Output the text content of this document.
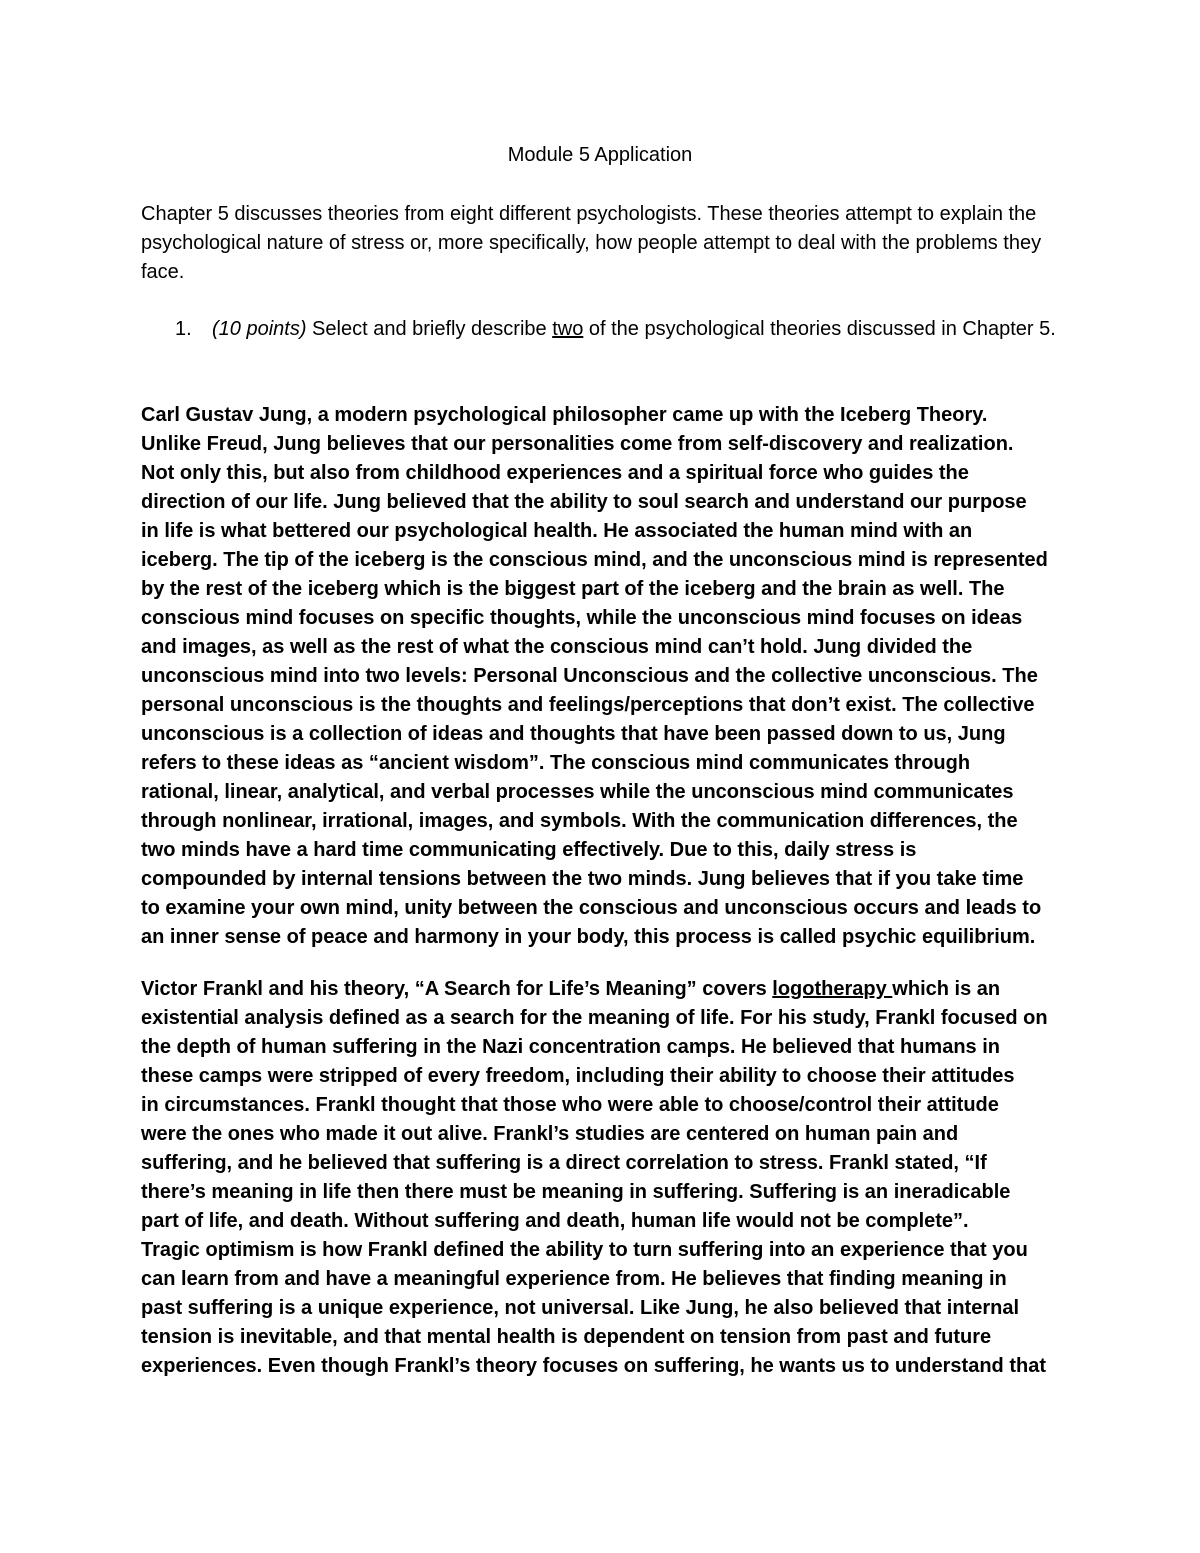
Module 5 Application

Chapter 5 discusses theories from eight different psychologists. These theories attempt to explain the psychological nature of stress or, more specifically, how people attempt to deal with the problems they face.

1. (10 points) Select and briefly describe two of the psychological theories discussed in Chapter 5.
Carl Gustav Jung, a modern psychological philosopher came up with the Iceberg Theory.
Unlike Freud, Jung believes that our personalities come from self-discovery and realization.
Not only this, but also from childhood experiences and a spiritual force who guides the
direction of our life. Jung believed that the ability to soul search and understand our purpose
in life is what bettered our psychological health. He associated the human mind with an
iceberg. The tip of the iceberg is the conscious mind, and the unconscious mind is represented
by the rest of the iceberg which is the biggest part of the iceberg and the brain as well. The
conscious mind focuses on specific thoughts, while the unconscious mind focuses on ideas
and images, as well as the rest of what the conscious mind can’t hold. Jung divided the
unconscious mind into two levels: Personal Unconscious and the collective unconscious. The
personal unconscious is the thoughts and feelings/perceptions that don’t exist. The collective
unconscious is a collection of ideas and thoughts that have been passed down to us, Jung
refers to these ideas as “ancient wisdom”. The conscious mind communicates through
rational, linear, analytical, and verbal processes while the unconscious mind communicates
through nonlinear, irrational, images, and symbols. With the communication differences, the
two minds have a hard time communicating effectively. Due to this, daily stress is
compounded by internal tensions between the two minds. Jung believes that if you take time
to examine your own mind, unity between the conscious and unconscious occurs and leads to
an inner sense of peace and harmony in your body, this process is called psychic equilibrium.
Victor Frankl and his theory, “A Search for Life’s Meaning” covers logotherapy which is an
existential analysis defined as a search for the meaning of life. For his study, Frankl focused on
the depth of human suffering in the Nazi concentration camps. He believed that humans in
these camps were stripped of every freedom, including their ability to choose their attitudes
in circumstances. Frankl thought that those who were able to choose/control their attitude
were the ones who made it out alive. Frankl’s studies are centered on human pain and
suffering, and he believed that suffering is a direct correlation to stress. Frankl stated, “If
there’s meaning in life then there must be meaning in suffering. Suffering is an ineradicable
part of life, and death. Without suffering and death, human life would not be complete”.
Tragic optimism is how Frankl defined the ability to turn suffering into an experience that you
can learn from and have a meaningful experience from. He believes that finding meaning in
past suffering is a unique experience, not universal. Like Jung, he also believed that internal
tension is inevitable, and that mental health is dependent on tension from past and future
experiences. Even though Frankl’s theory focuses on suffering, he wants us to understand that
